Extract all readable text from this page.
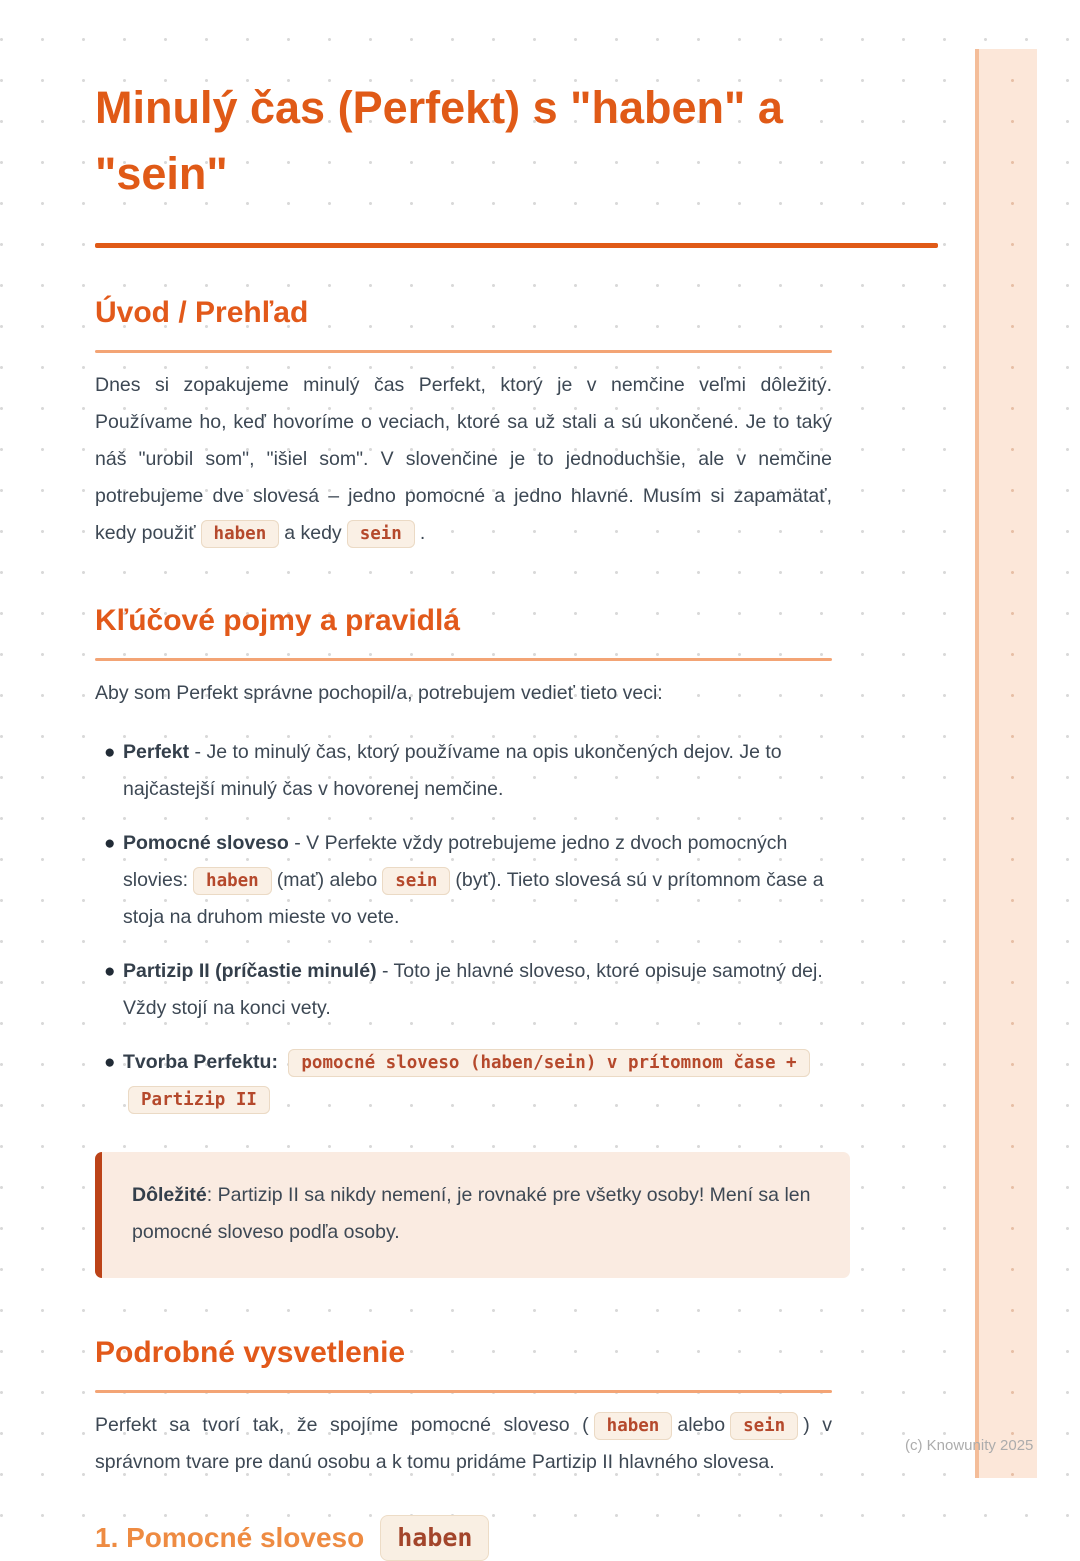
Minulý čas (Perfekt) s "haben" a
"sein"
Úvod / Prehľad

Dnes si zopakujeme minulý čas Perfekt, ktorý je v nemčine veľmi dôležitý. Používame ho, keď hovoríme o veciach, ktoré sa už stali a sú ukončené. Je to taký náš "urobil som", "išiel som". V slovenčine je to jednoduchšie, ale v nemčine potrebujeme dve slovesá – jedno pomocné a jedno hlavné. Musím si zapamätať, kedy použiť haben a kedy sein .

Kľúčové pojmy a pravidlá

Aby som Perfekt správne pochopil/a, potrebujem vedieť tieto veci:

● Perfekt - Je to minulý čas, ktorý používame na opis ukončených dejov. Je to najčastejší minulý čas v hovorenej nemčine.
● Pomocné sloveso - V Perfekte vždy potrebujeme jedno z dvoch pomocných slovies: haben (mať) alebo sein (byť). Tieto slovesá sú v prítomnom čase a stoja na druhom mieste vo vete.
● Partizip II (príčastie minulé) - Toto je hlavné sloveso, ktoré opisuje samotný dej. Vždy stojí na konci vety.
● Tvorba Perfektu: pomocné sloveso (haben/sein) v prítomnom čase + Partizip II
Dôležité: Partizip II sa nikdy nemení, je rovnaké pre všetky osoby! Mení sa len pomocné sloveso podľa osoby.
Podrobné vysvetlenie

Perfekt sa tvorí tak, že spojíme pomocné sloveso ( haben alebo sein ) v správnom tvare pre danú osobu a k tomu pridáme Partizip II hlavného slovesa.

1. Pomocné sloveso	haben
(c) Knowunity 2025
